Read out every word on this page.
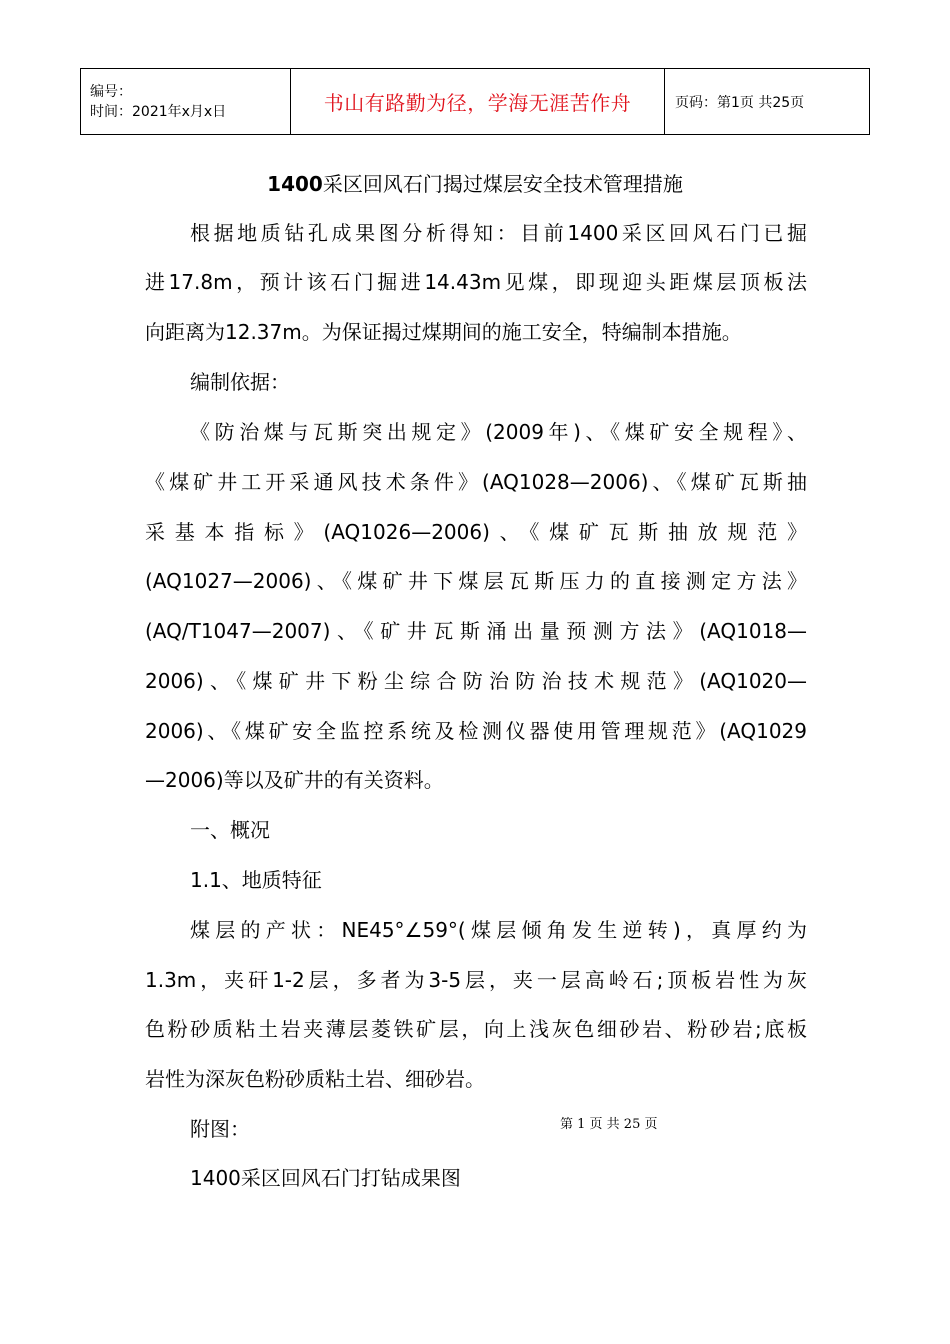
编号：
时间：2021年x月x日	书山有路勤为径，学海无涯苦作舟	页码：第1页 共25页
1400采区回风石门揭过煤层安全技术管理措施
根据地质钻孔成果图分析得知：目前1400采区回风石门已掘
进17.8m，预计该石门掘进14.43m见煤，即现迎头距煤层顶板法
向距离为12.37m。为保证揭过煤期间的施工安全，特编制本措施。
编制依据：
《防治煤与瓦斯突出规定》(2009年)、《煤矿安全规程》、
《煤矿井工开采通风技术条件》(AQ1028—2006)、《煤矿瓦斯抽
采基本指标》(AQ1026—2006)、《煤矿瓦斯抽放规范》
(AQ1027—2006)、《煤矿井下煤层瓦斯压力的直接测定方法》
(AQ/T1047—2007)、《矿井瓦斯涌出量预测方法》(AQ1018—
2006)、《煤矿井下粉尘综合防治防治技术规范》(AQ1020—
2006)、《煤矿安全监控系统及检测仪器使用管理规范》(AQ1029
—2006)等以及矿井的有关资料。
一、概况
1.1、地质特征
煤层的产状：NE45°∠59°(煤层倾角发生逆转)，真厚约为
1.3m，夹矸1-2层，多者为3-5层，夹一层高岭石;顶板岩性为灰
色粉砂质粘土岩夹薄层菱铁矿层，向上浅灰色细砂岩、粉砂岩;底板
岩性为深灰色粉砂质粘土岩、细砂岩。
附图：	第 1 页 共 25 页
1400采区回风石门打钻成果图
